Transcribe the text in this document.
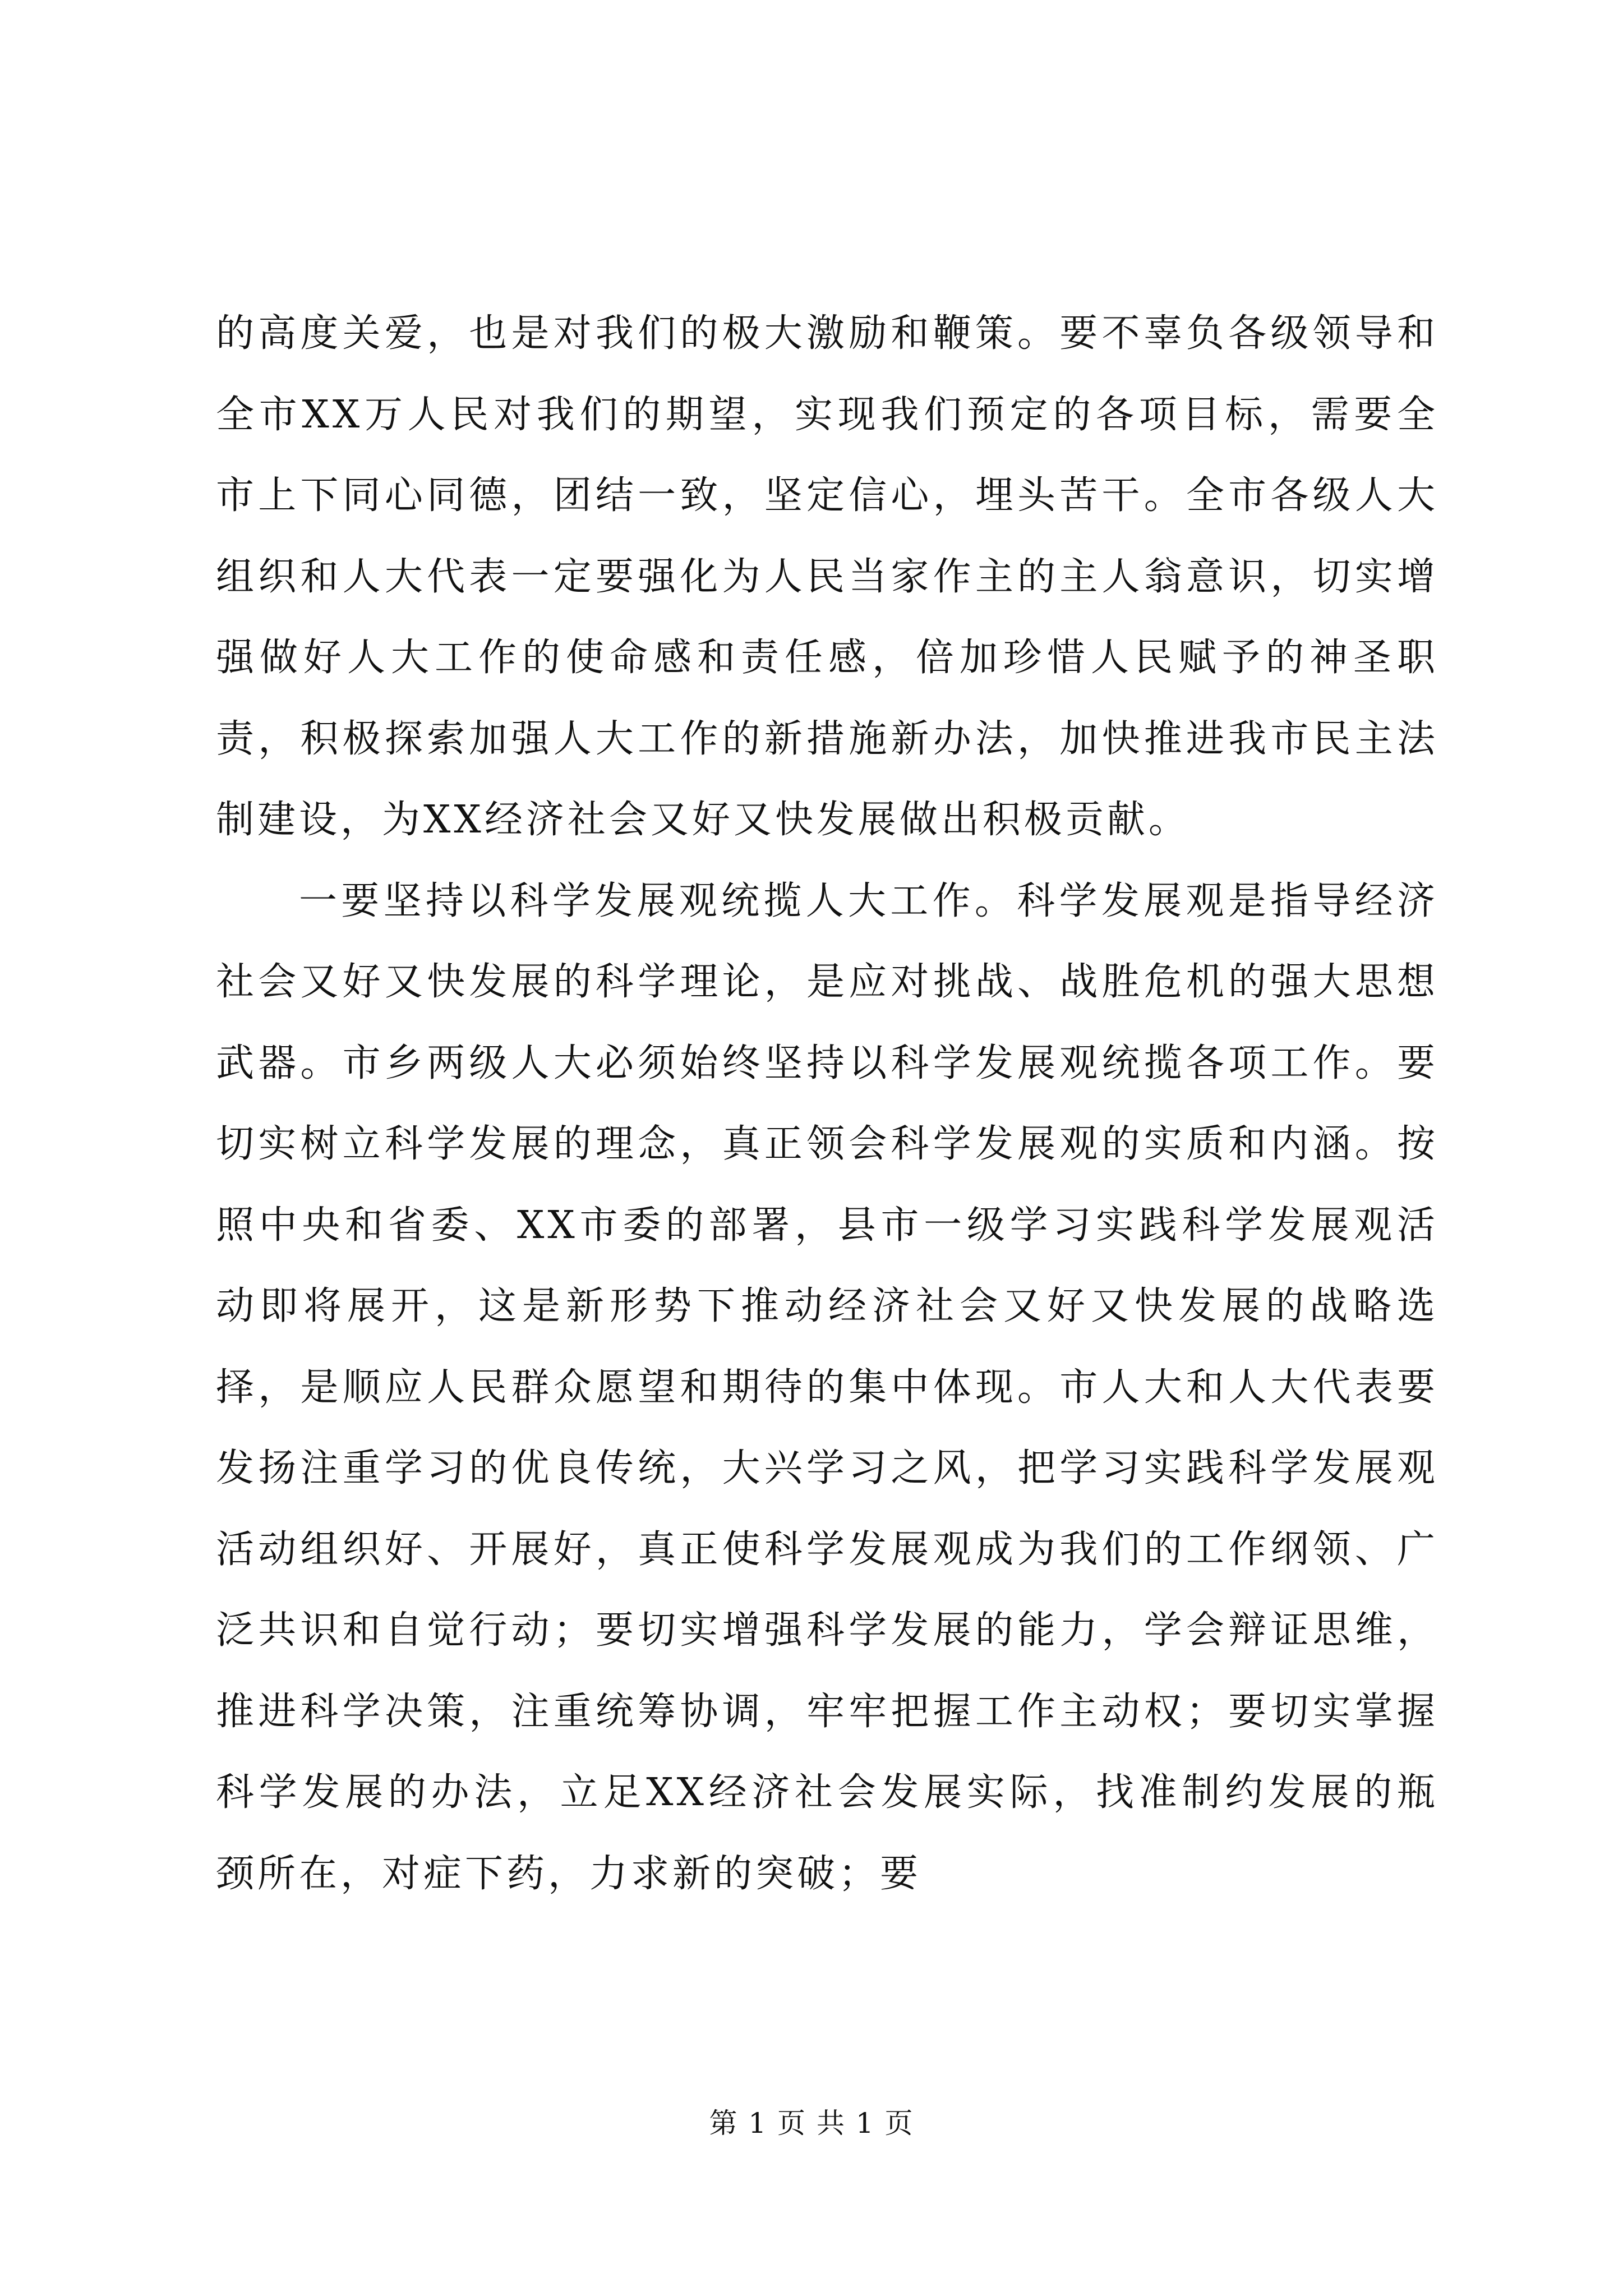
的高度关爱，也是对我们的极大激励和鞭策。要不辜负各级领导和全市XX万人民对我们的期望，实现我们预定的各项目标，需要全市上下同心同德，团结一致，坚定信心，埋头苦干。全市各级人大组织和人大代表一定要强化为人民当家作主的主人翁意识，切实增强做好人大工作的使命感和责任感，倍加珍惜人民赋予的神圣职责，积极探索加强人大工作的新措施新办法，加快推进我市民主法制建设，为XX经济社会又好又快发展做出积极贡献。

一要坚持以科学发展观统揽人大工作。科学发展观是指导经济社会又好又快发展的科学理论，是应对挑战、战胜危机的强大思想武器。市乡两级人大必须始终坚持以科学发展观统揽各项工作。要切实树立科学发展的理念，真正领会科学发展观的实质和内涵。按照中央和省委、XX市委的部署，县市一级学习实践科学发展观活动即将展开，这是新形势下推动经济社会又好又快发展的战略选择，是顺应人民群众愿望和期待的集中体现。市人大和人大代表要发扬注重学习的优良传统，大兴学习之风，把学习实践科学发展观活动组织好、开展好，真正使科学发展观成为我们的工作纲领、广泛共识和自觉行动；要切实增强科学发展的能力，学会辩证思维，推进科学决策，注重统筹协调，牢牢把握工作主动权；要切实掌握科学发展的办法，立足XX经济社会发展实际，找准制约发展的瓶颈所在，对症下药，力求新的突破；要

第 1 页 共 1 页
